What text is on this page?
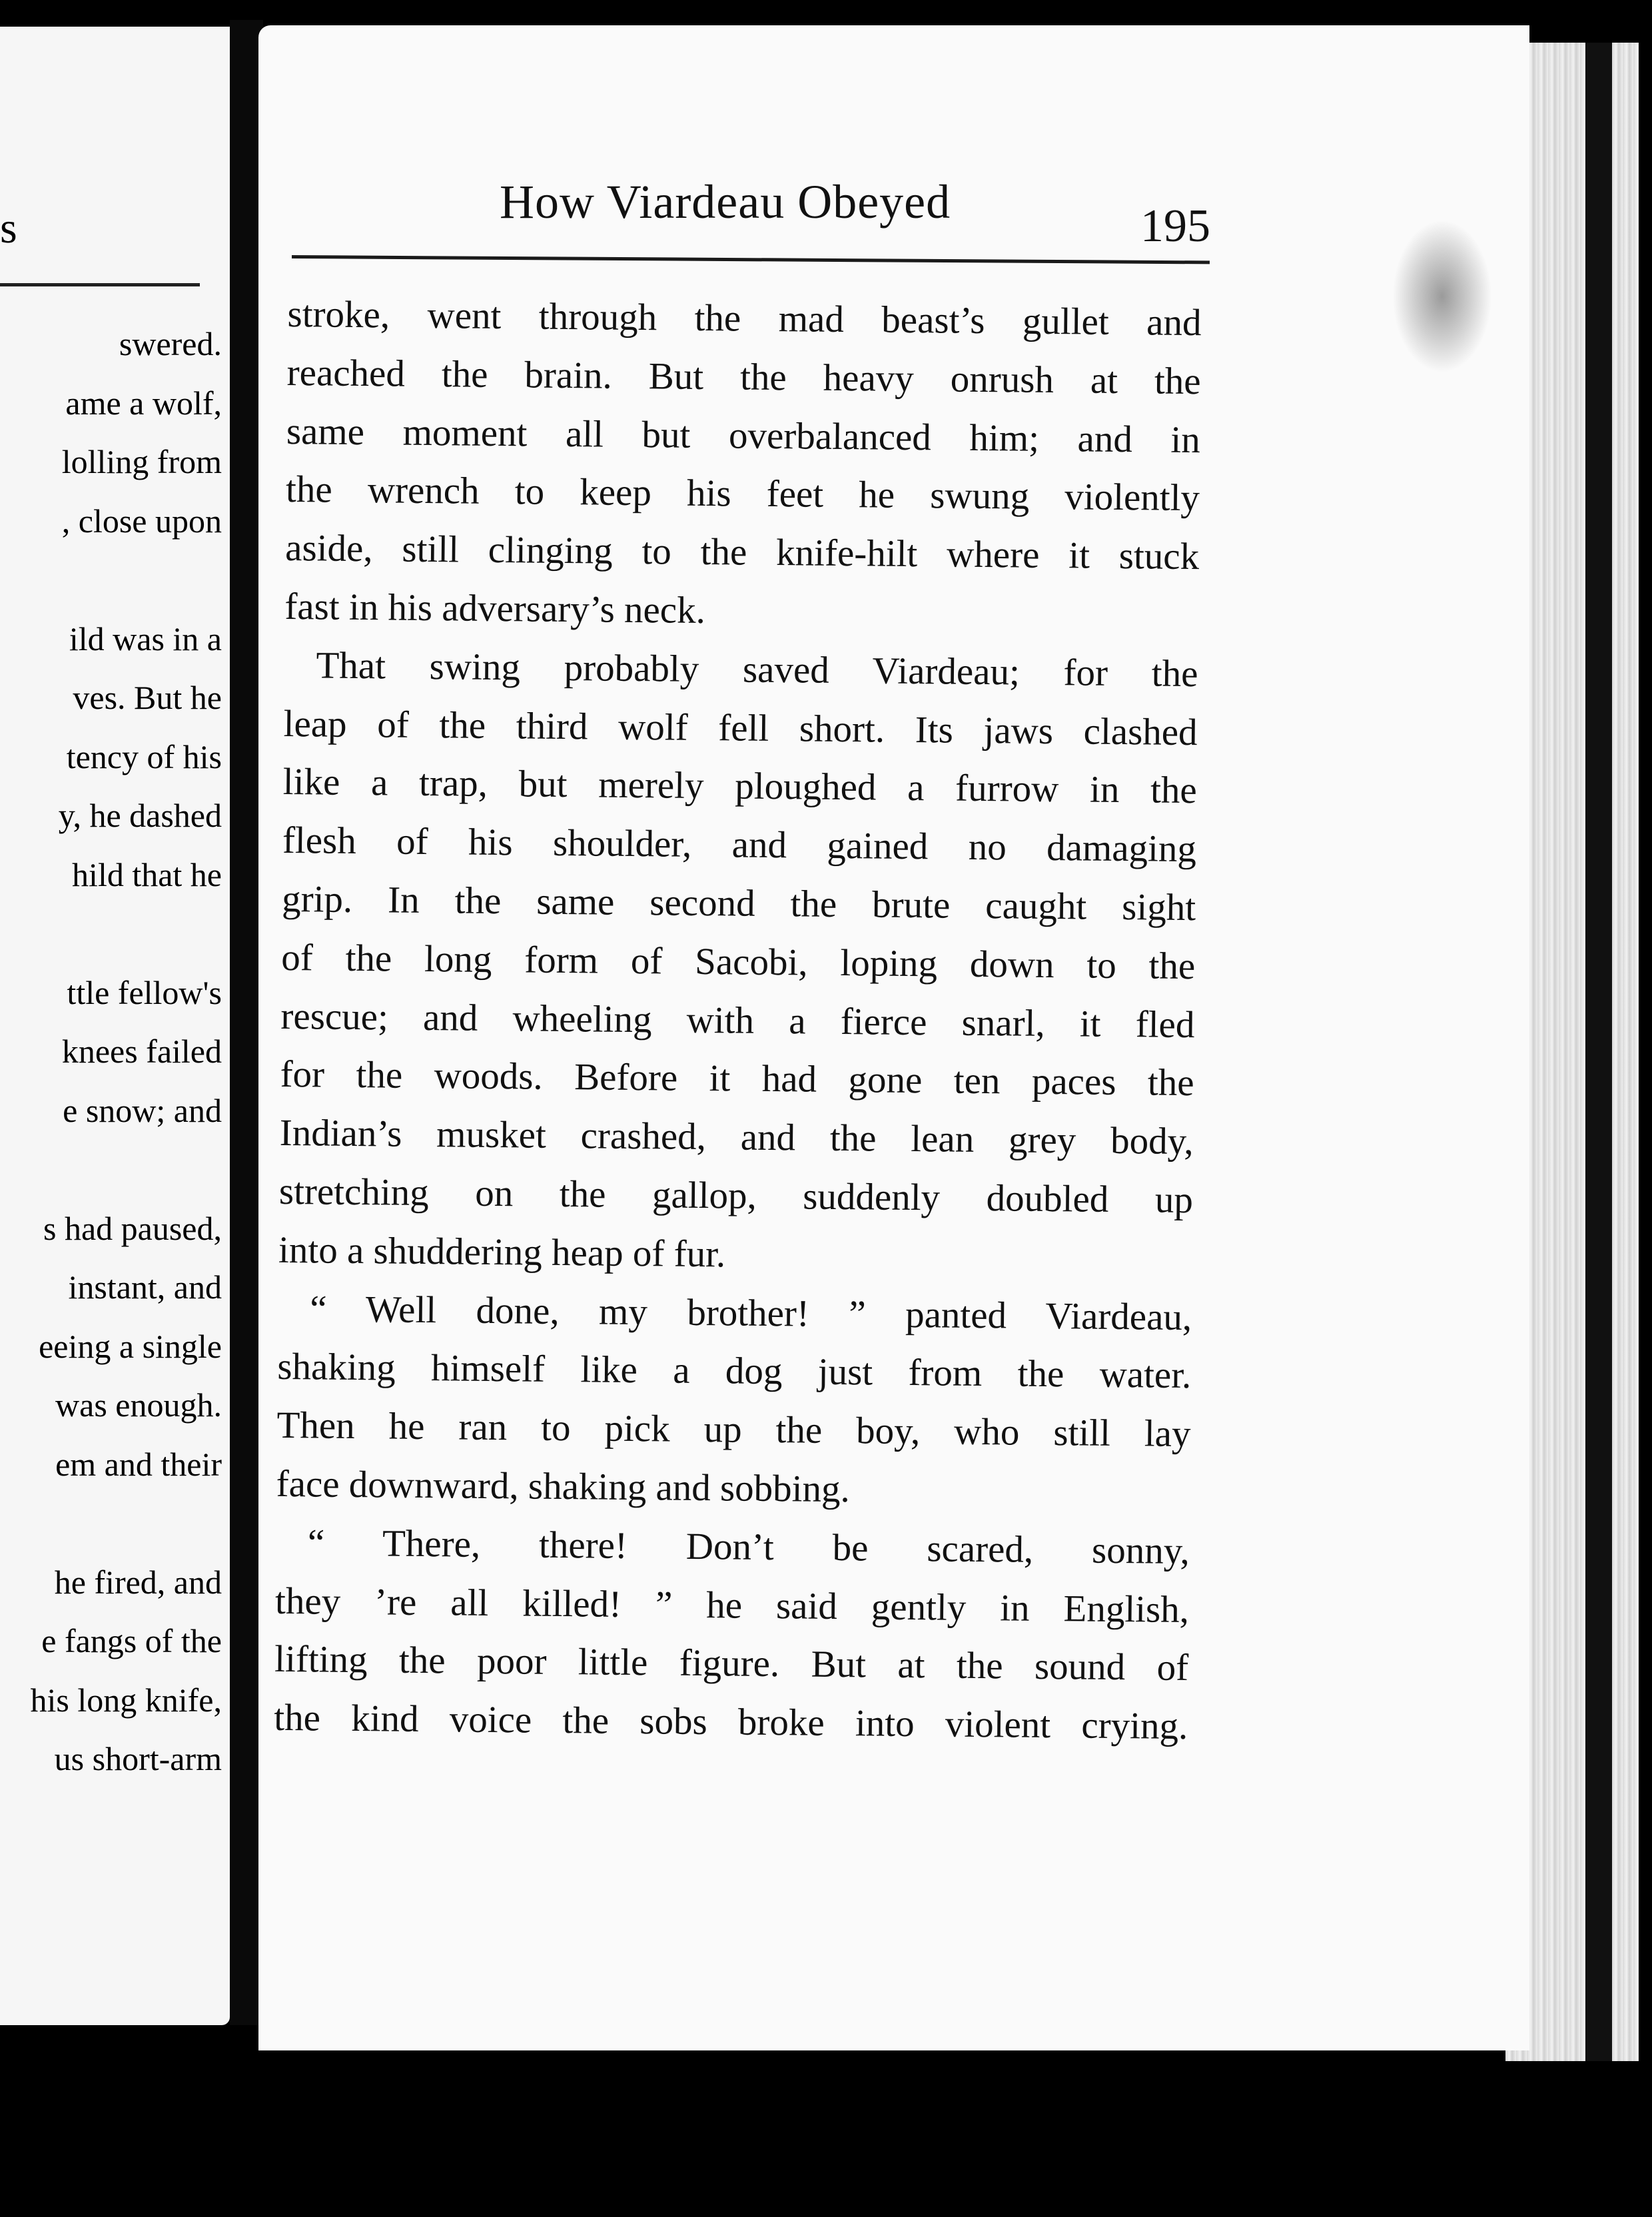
s
swered.
ame a wolf,
lolling from
, close upon

ild was in a
ves. But he
tency of his
y, he dashed
hild that he

ttle fellow's
knees failed
e snow; and

s had paused,
instant, and
eeing a single
was enough.
em and their

he fired, and
e fangs of the
his long knife,
us short-arm
How Viardeau Obeyed	195
stroke, went through the mad beast’s gullet and
reached the brain. But the heavy onrush at the
same moment all but overbalanced him; and in
the wrench to keep his feet he swung violently
aside, still clinging to the knife-hilt where it stuck
fast in his adversary’s neck.
That swing probably saved Viardeau; for the
leap of the third wolf fell short. Its jaws clashed
like a trap, but merely ploughed a furrow in the
flesh of his shoulder, and gained no damaging
grip. In the same second the brute caught sight
of the long form of Sacobi, loping down to the
rescue; and wheeling with a fierce snarl, it fled
for the woods. Before it had gone ten paces the
Indian’s musket crashed, and the lean grey body,
stretching on the gallop, suddenly doubled up
into a shuddering heap of fur.
“ Well done, my brother! ” panted Viardeau,
shaking himself like a dog just from the water.
Then he ran to pick up the boy, who still lay
face downward, shaking and sobbing.
“ There, there! Don’t be scared, sonny,
they ’re all killed! ” he said gently in English,
lifting the poor little figure. But at the sound of
the kind voice the sobs broke into violent crying.
